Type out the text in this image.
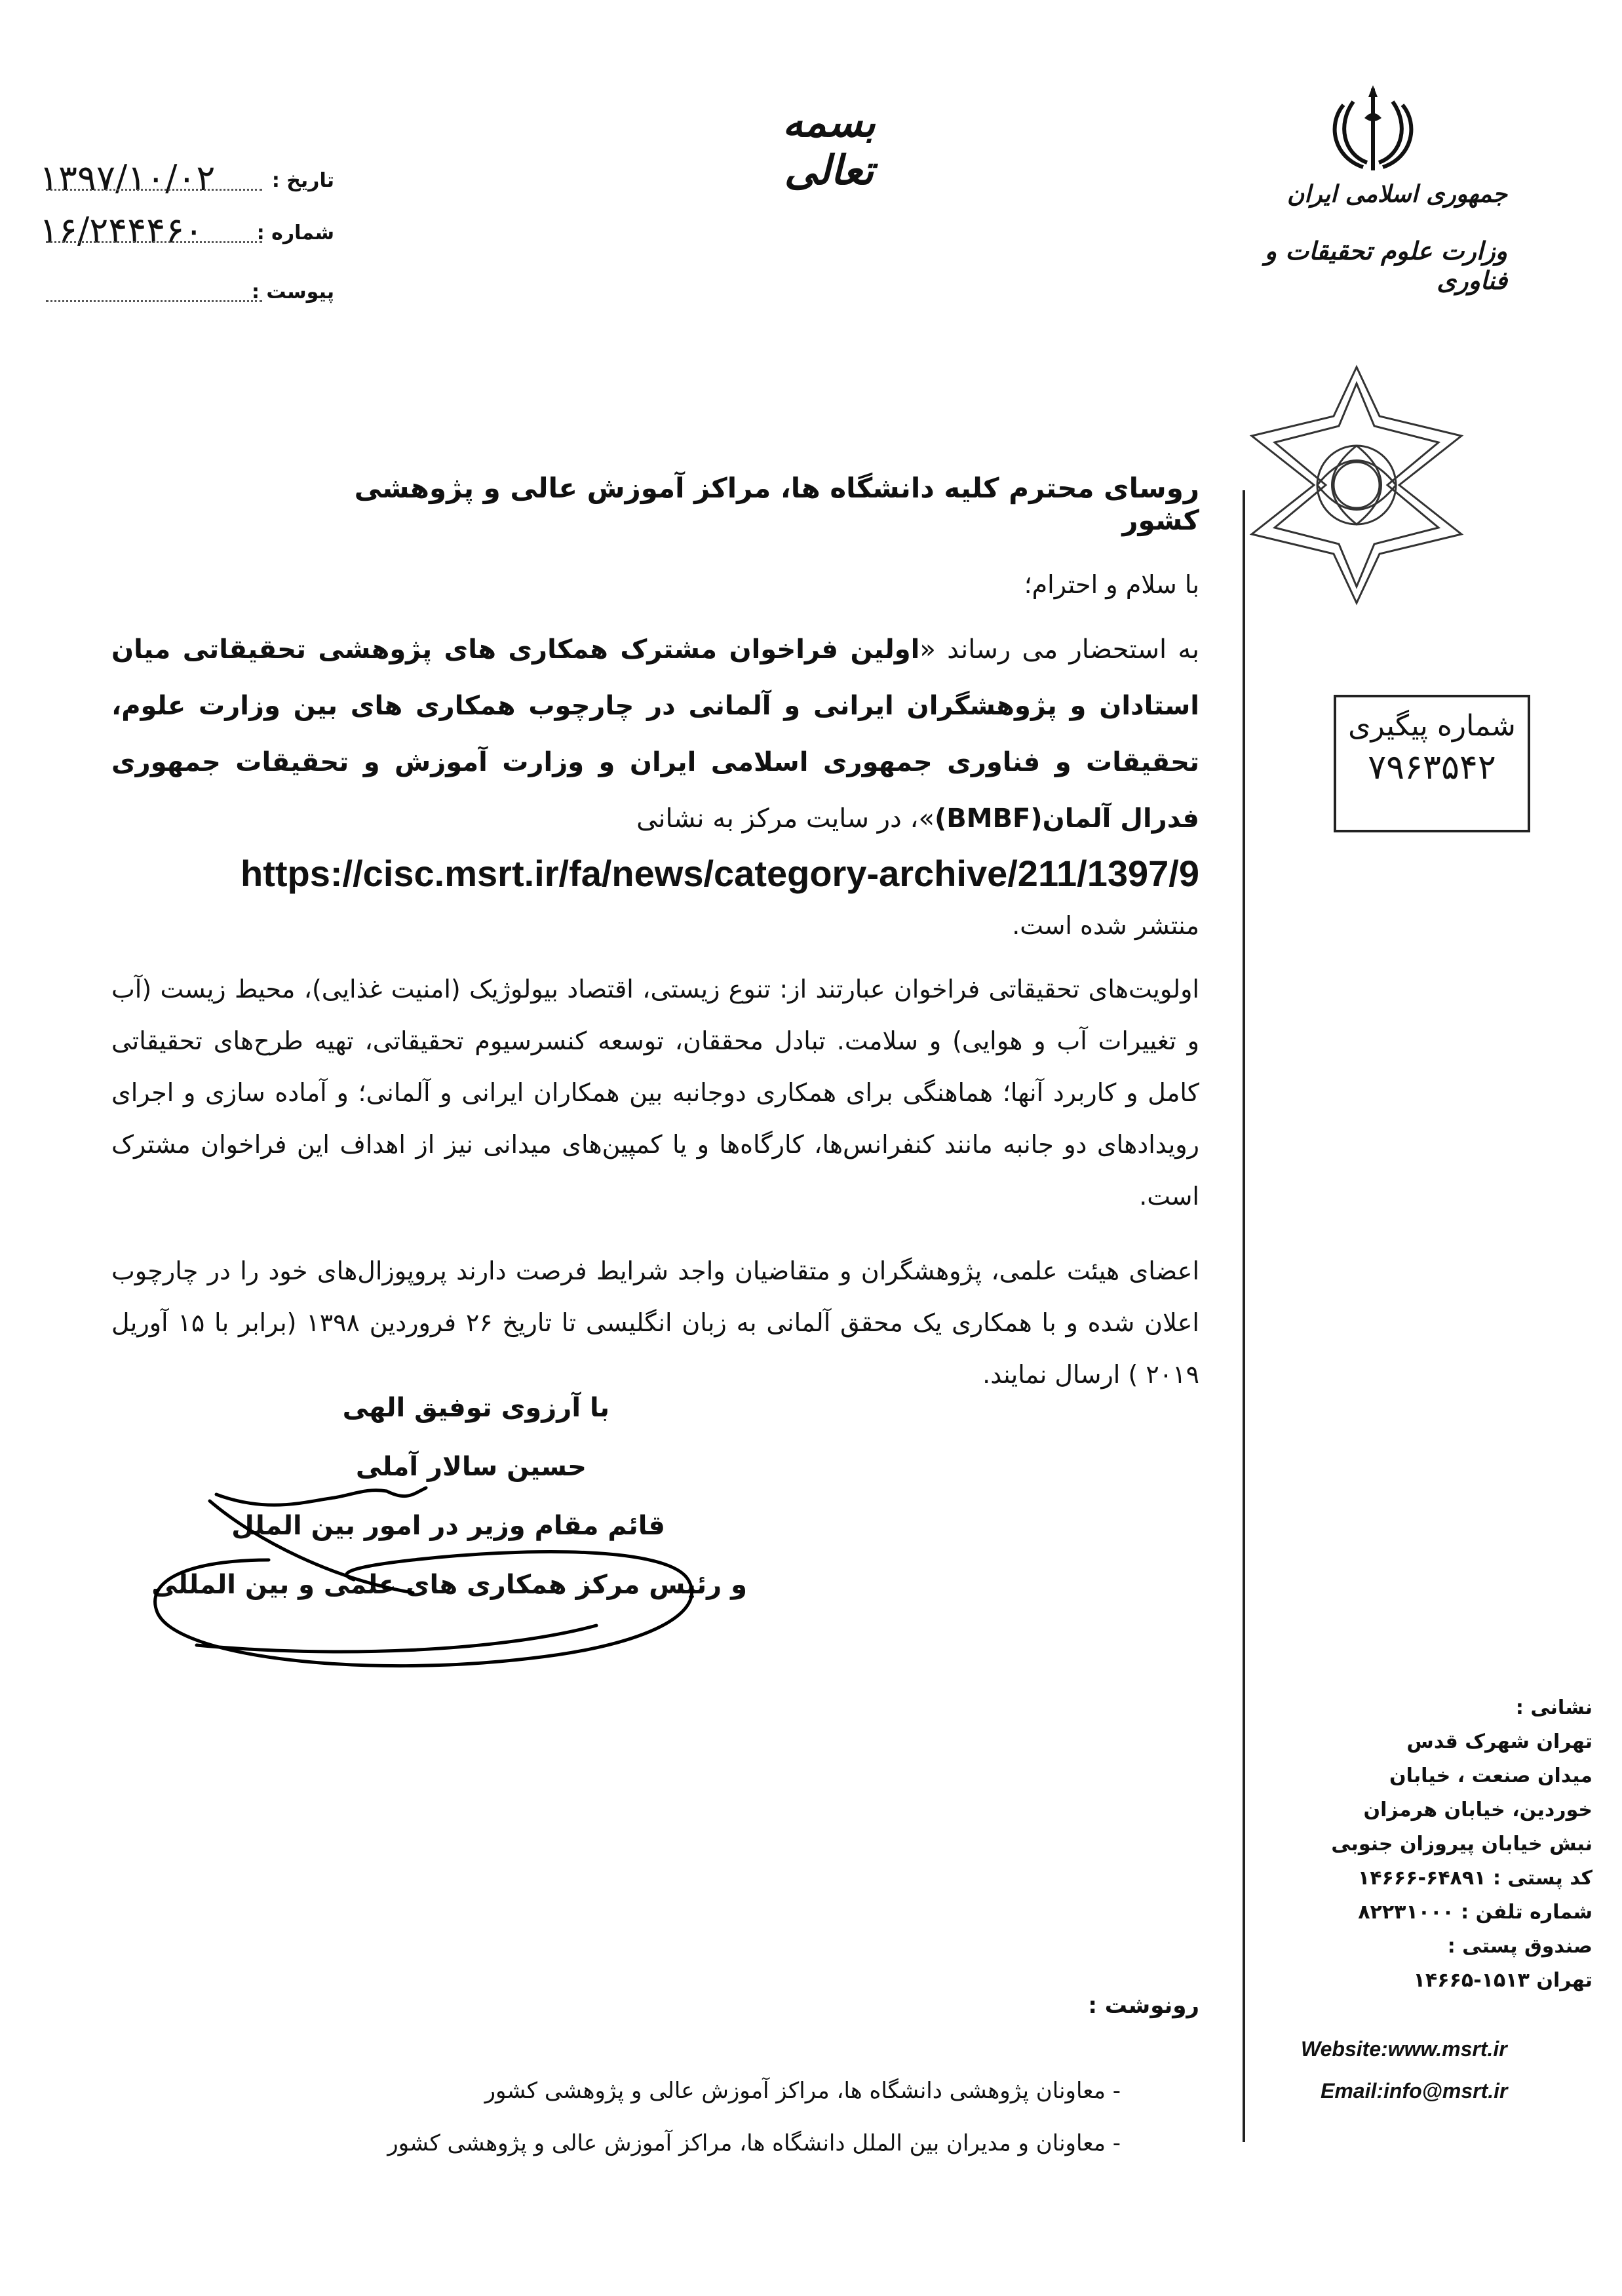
بسمه تعالی
۱۳۹۷/۱۰/۰۲	تاریخ :
۱۶/۲۴۴۴۶۰	شماره :
پیوست :
جمهوری اسلامی ایران
وزارت علوم تحقیقات و فناوری
شماره پیگیری
۷۹۶۳۵۴۲
روسای محترم کلیه دانشگاه ها، مراکز آموزش عالی و پژوهشی کشور
با سلام و احترام؛
به استحضار می رساند «اولین فراخوان مشترک همکاری های پژوهشی تحقیقاتی میان استادان و پژوهشگران ایرانی و آلمانی در چارچوب همکاری های بین وزارت علوم، تحقیقات و فناوری جمهوری اسلامی ایران و وزارت آموزش و تحقیقات جمهوری فدرال آلمان(BMBF)»، در سایت مرکز به نشانی
https://cisc.msrt.ir/fa/news/category-archive/211/1397/9
منتشر شده است.
اولویت‌های تحقیقاتی فراخوان عبارتند از: تنوع زیستی، اقتصاد بیولوژیک (امنیت غذایی)، محیط زیست (آب و تغییرات آب و هوایی) و سلامت. تبادل محققان، توسعه کنسرسیوم تحقیقاتی، تهیه طرح‌های تحقیقاتی کامل و کاربرد آنها؛ هماهنگی برای همکاری دوجانبه بین همکاران ایرانی و آلمانی؛ و آماده سازی و اجرای رویدادهای دو جانبه مانند کنفرانس‌ها، کارگاه‌ها و یا کمپین‌های میدانی نیز از اهداف این فراخوان مشترک است.
اعضای هیئت علمی، پژوهشگران و متقاضیان واجد شرایط فرصت دارند پروپوزال‌های خود را در چارچوب اعلان شده و با همکاری یک محقق آلمانی به زبان انگلیسی تا تاریخ ۲۶ فروردین ۱۳۹۸ (برابر با ۱۵ آوریل ۲۰۱۹ ) ارسال نمایند.
با آرزوی توفیق الهی
حسین سالار آملی
قائم مقام وزیر در امور بین الملل
و رئیس مرکز همکاری های علمی و بین المللی
نشانی :
تهران شهرک قدس
میدان صنعت ، خیابان
خوردین، خیابان هرمزان
نبش خیابان پیروزان جنوبی
کد پستی : ۶۴۸۹۱-۱۴۶۶۶
شماره تلفن : ۸۲۲۳۱۰۰۰
صندوق پستی :
تهران ۱۵۱۳-۱۴۶۶۵
Website:www.msrt.ir
Email:info@msrt.ir
رونوشت :
- معاونان پژوهشی دانشگاه ها، مراکز آموزش عالی و پژوهشی کشور
- معاونان و مدیران بین الملل دانشگاه ها، مراکز آموزش عالی و پژوهشی کشور
